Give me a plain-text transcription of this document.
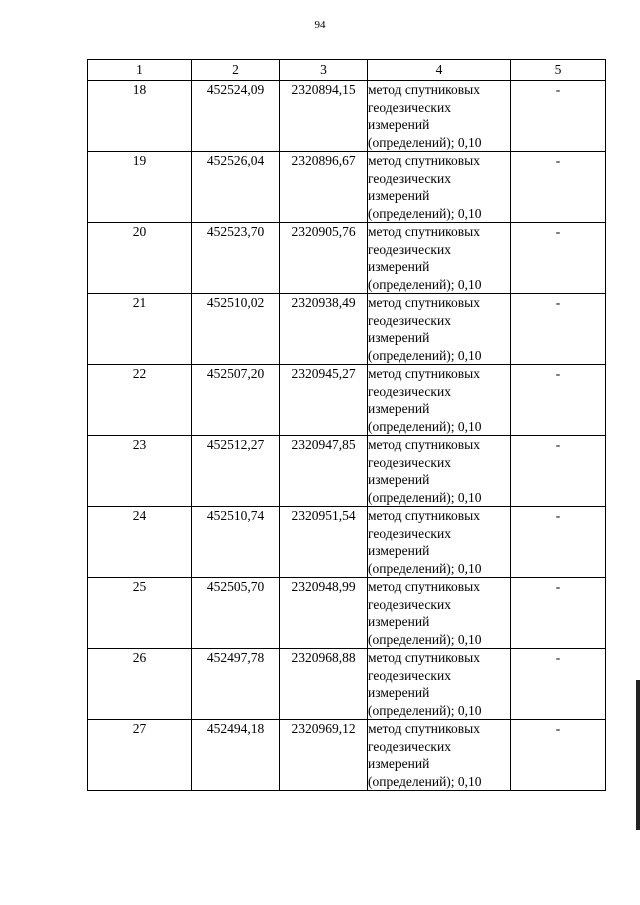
94
1	2	3	4	5
18	452524,09	2320894,15	метод спутниковых
геодезических
измерений
(определений); 0,10	-
19	452526,04	2320896,67	метод спутниковых
геодезических
измерений
(определений); 0,10	-
20	452523,70	2320905,76	метод спутниковых
геодезических
измерений
(определений); 0,10	-
21	452510,02	2320938,49	метод спутниковых
геодезических
измерений
(определений); 0,10	-
22	452507,20	2320945,27	метод спутниковых
геодезических
измерений
(определений); 0,10	-
23	452512,27	2320947,85	метод спутниковых
геодезических
измерений
(определений); 0,10	-
24	452510,74	2320951,54	метод спутниковых
геодезических
измерений
(определений); 0,10	-
25	452505,70	2320948,99	метод спутниковых
геодезических
измерений
(определений); 0,10	-
26	452497,78	2320968,88	метод спутниковых
геодезических
измерений
(определений); 0,10	-
27	452494,18	2320969,12	метод спутниковых
геодезических
измерений
(определений); 0,10	-
